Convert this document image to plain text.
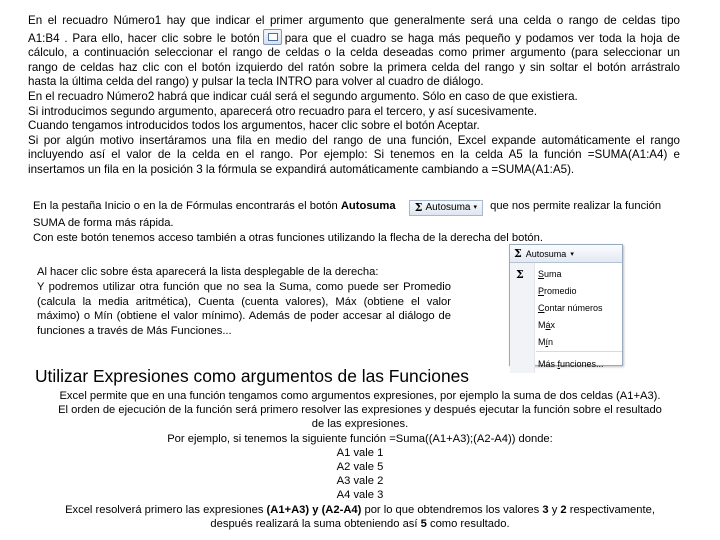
En el recuadro Número1 hay que indicar el primer argumento que generalmente será una celda o rango de celdas tipo
A1:B4 . Para ello, hacer clic sobre le botón para que el cuadro se haga más pequeño y podamos ver toda la hoja de
cálculo, a continuación seleccionar el rango de celdas o la celda deseadas como primer argumento (para seleccionar un
rango de celdas haz clic con el botón izquierdo del ratón sobre la primera celda del rango y sin soltar el botón arrástralo
hasta la última celda del rango) y pulsar la tecla INTRO para volver al cuadro de diálogo.
En el recuadro Número2 habrá que indicar cuál será el segundo argumento. Sólo en caso de que existiera.
Si introducimos segundo argumento, aparecerá otro recuadro para el tercero, y así sucesivamente.
Cuando tengamos introducidos todos los argumentos, hacer clic sobre el botón Aceptar.
Si por algún motivo insertáramos una fila en medio del rango de una función, Excel expande automáticamente el rango
incluyendo así el valor de la celda en el rango. Por ejemplo: Si tenemos en la celda A5 la función =SUMA(A1:A4) e
insertamos un fila en la posición 3 la fórmula se expandirá automáticamente cambiando a =SUMA(A1:A5).
En la pestaña Inicio o en la de Fórmulas encontrarás el botón Autosuma Σ Autosuma ▾ que nos permite realizar la función
SUMA de forma más rápida.
Con este botón tenemos acceso también a otras funciones utilizando la flecha de la derecha del botón.
Al hacer clic sobre ésta aparecerá la lista desplegable de la derecha:
Y podremos utilizar otra función que no sea la Suma, como puede ser Promedio (calcula la media aritmética), Cuenta (cuenta valores), Máx (obtiene el valor máximo) o Mín (obtiene el valor mínimo). Además de poder accesar al diálogo de funciones a través de Más Funciones...
Σ Autosuma ▾
Σ Suma
Promedio
Contar números
Máx
Mín
Más funciones...
Utilizar Expresiones como argumentos de las Funciones
Excel permite que en una función tengamos como argumentos expresiones, por ejemplo la suma de dos celdas (A1+A3).
El orden de ejecución de la función será primero resolver las expresiones y después ejecutar la función sobre el resultado
de las expresiones.
Por ejemplo, si tenemos la siguiente función =Suma((A1+A3);(A2-A4)) donde:
A1 vale 1
A2 vale 5
A3 vale 2
A4 vale 3
Excel resolverá primero las expresiones (A1+A3) y (A2-A4) por lo que obtendremos los valores 3 y 2 respectivamente,
después realizará la suma obteniendo así 5 como resultado.
